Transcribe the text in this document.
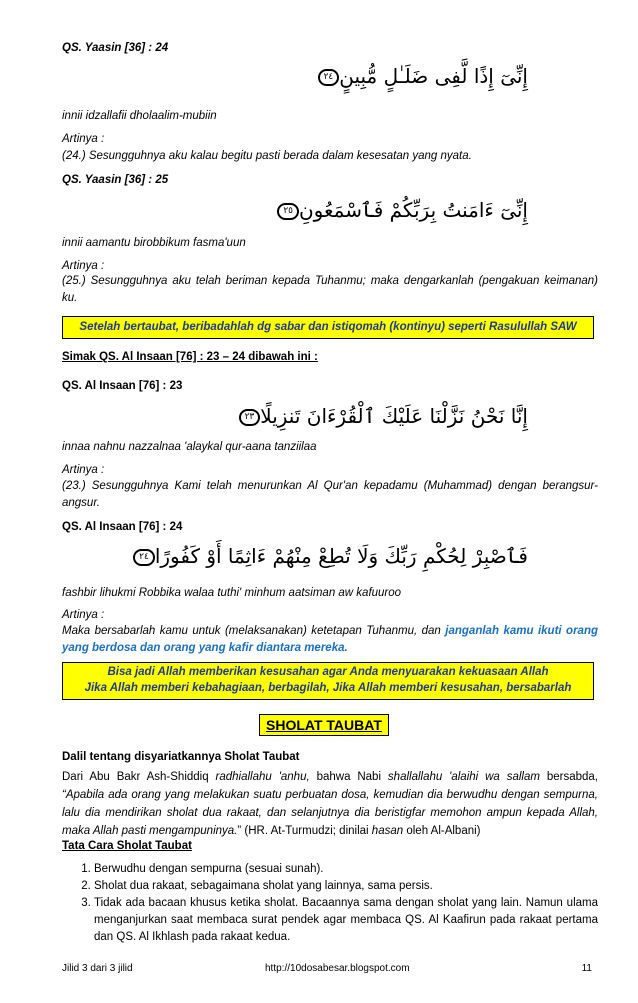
QS. Yaasin [36] : 24
إِنِّىٓ إِذًا لَّفِى ضَلَـٰلٍ مُّبِينٍ٢٤
innii idzallafii dholaalim-mubiin
Artinya :
(24.) Sesungguhnya aku kalau begitu pasti berada dalam kesesatan yang nyata.
QS. Yaasin [36] : 25
إِنِّىٓ ءَامَنتُ بِرَبِّكُمْ فَٱسْمَعُونِ٢٥
innii aamantu birobbikum fasma'uun
Artinya :
(25.) Sesungguhnya aku telah beriman kepada Tuhanmu; maka dengarkanlah (pengakuan keimanan) ku.
Setelah bertaubat, beribadahlah dg sabar dan istiqomah (kontinyu) seperti Rasulullah SAW
Simak QS. Al Insaan [76] : 23 – 24 dibawah ini :
QS. Al Insaan [76] : 23
إِنَّا نَحْنُ نَزَّلْنَا عَلَيْكَ ٱلْقُرْءَانَ تَنزِيلًا٢٣
innaa nahnu nazzalnaa 'alaykal qur-aana tanziilaa
Artinya :
(23.) Sesungguhnya Kami telah menurunkan Al Qur'an kepadamu (Muhammad) dengan berangsur-angsur.
QS. Al Insaan [76] : 24
فَٱصْبِرْ لِحُكْمِ رَبِّكَ وَلَا تُطِعْ مِنْهُمْ ءَاثِمًا أَوْ كَفُورًا٢٤
fashbir lihukmi Robbika walaa tuthi' minhum aatsiman aw kafuuroo
Artinya :
Maka bersabarlah kamu untuk (melaksanakan) ketetapan Tuhanmu, dan janganlah kamu ikuti orang yang berdosa dan orang yang kafir diantara mereka.
Bisa jadi Allah memberikan kesusahan agar Anda menyuarakan kekuasaan Allah
Jika Allah memberi kebahagiaan, berbagilah, Jika Allah memberi kesusahan, bersabarlah
SHOLAT TAUBAT
Dalil tentang disyariatkannya Sholat Taubat
Dari Abu Bakr Ash-Shiddiq radhiallahu 'anhu, bahwa Nabi shallallahu 'alaihi wa sallam bersabda, “Apabila ada orang yang melakukan suatu perbuatan dosa, kemudian dia berwudhu dengan sempurna, lalu dia mendirikan sholat dua rakaat, dan selanjutnya dia beristigfar memohon ampun kepada Allah, maka Allah pasti mengampuninya.” (HR. At-Turmudzi; dinilai hasan oleh Al-Albani)
Tata Cara Sholat Taubat
1. Berwudhu dengan sempurna (sesuai sunah).
2. Sholat dua rakaat, sebagaimana sholat yang lainnya, sama persis.
3. Tidak ada bacaan khusus ketika sholat. Bacaannya sama dengan sholat yang lain. Namun ulama menganjurkan saat membaca surat pendek agar membaca QS. Al Kaafirun pada rakaat pertama dan QS. Al Ikhlash pada rakaat kedua.
Jilid 3 dari 3 jilid	http://10dosabesar.blogspot.com	11
